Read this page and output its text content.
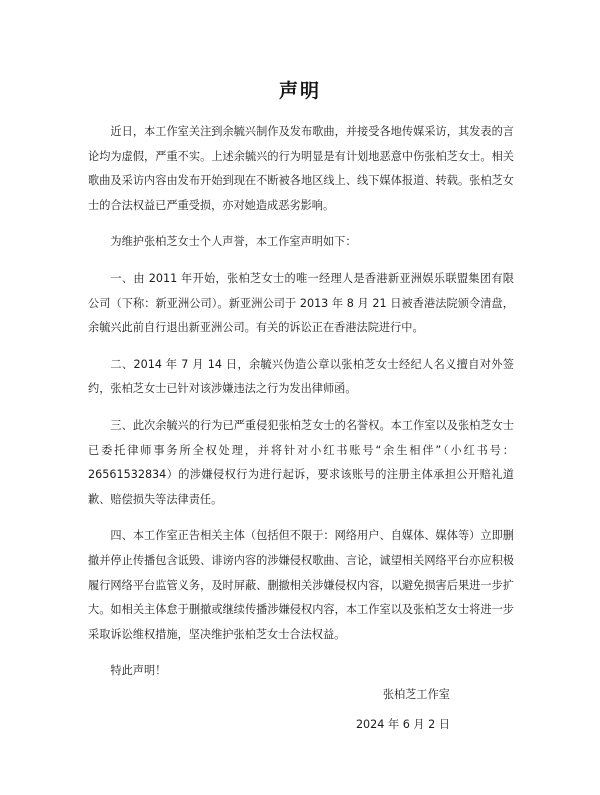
声明

近日，本工作室关注到余毓兴制作及发布歌曲，并接受各地传媒采访，其发表的言论均为虚假，严重不实。上述余毓兴的行为明显是有计划地恶意中伤张柏芝女士。相关歌曲及采访内容由发布开始到现在不断被各地区线上、线下媒体报道、转载。张柏芝女士的合法权益已严重受损，亦对她造成恶劣影响。

为维护张柏芝女士个人声誉，本工作室声明如下：

一、由 2011 年开始，张柏芝女士的唯一经理人是香港新亚洲娱乐联盟集团有限公司（下称：新亚洲公司）。新亚洲公司于 2013 年 8 月 21 日被香港法院颁令清盘，余毓兴此前自行退出新亚洲公司。有关的诉讼正在香港法院进行中。

二、2014 年 7 月 14 日，余毓兴伪造公章以张柏芝女士经纪人名义擅自对外签约，张柏芝女士已针对该涉嫌违法之行为发出律师函。

三、此次余毓兴的行为已严重侵犯张柏芝女士的名誉权。本工作室以及张柏芝女士已委托律师事务所全权处理，并将针对小红书账号“余生相伴”（小红书号：26561532834）的涉嫌侵权行为进行起诉，要求该账号的注册主体承担公开赔礼道歉、赔偿损失等法律责任。

四、本工作室正告相关主体（包括但不限于：网络用户、自媒体、媒体等）立即删撤并停止传播包含诋毁、诽谤内容的涉嫌侵权歌曲、言论，诚望相关网络平台亦应积极履行网络平台监管义务，及时屏蔽、删撤相关涉嫌侵权内容，以避免损害后果进一步扩大。如相关主体怠于删撤或继续传播涉嫌侵权内容，本工作室以及张柏芝女士将进一步采取诉讼维权措施，坚决维护张柏芝女士合法权益。

特此声明！

张柏芝工作室
2024 年 6 月 2 日
